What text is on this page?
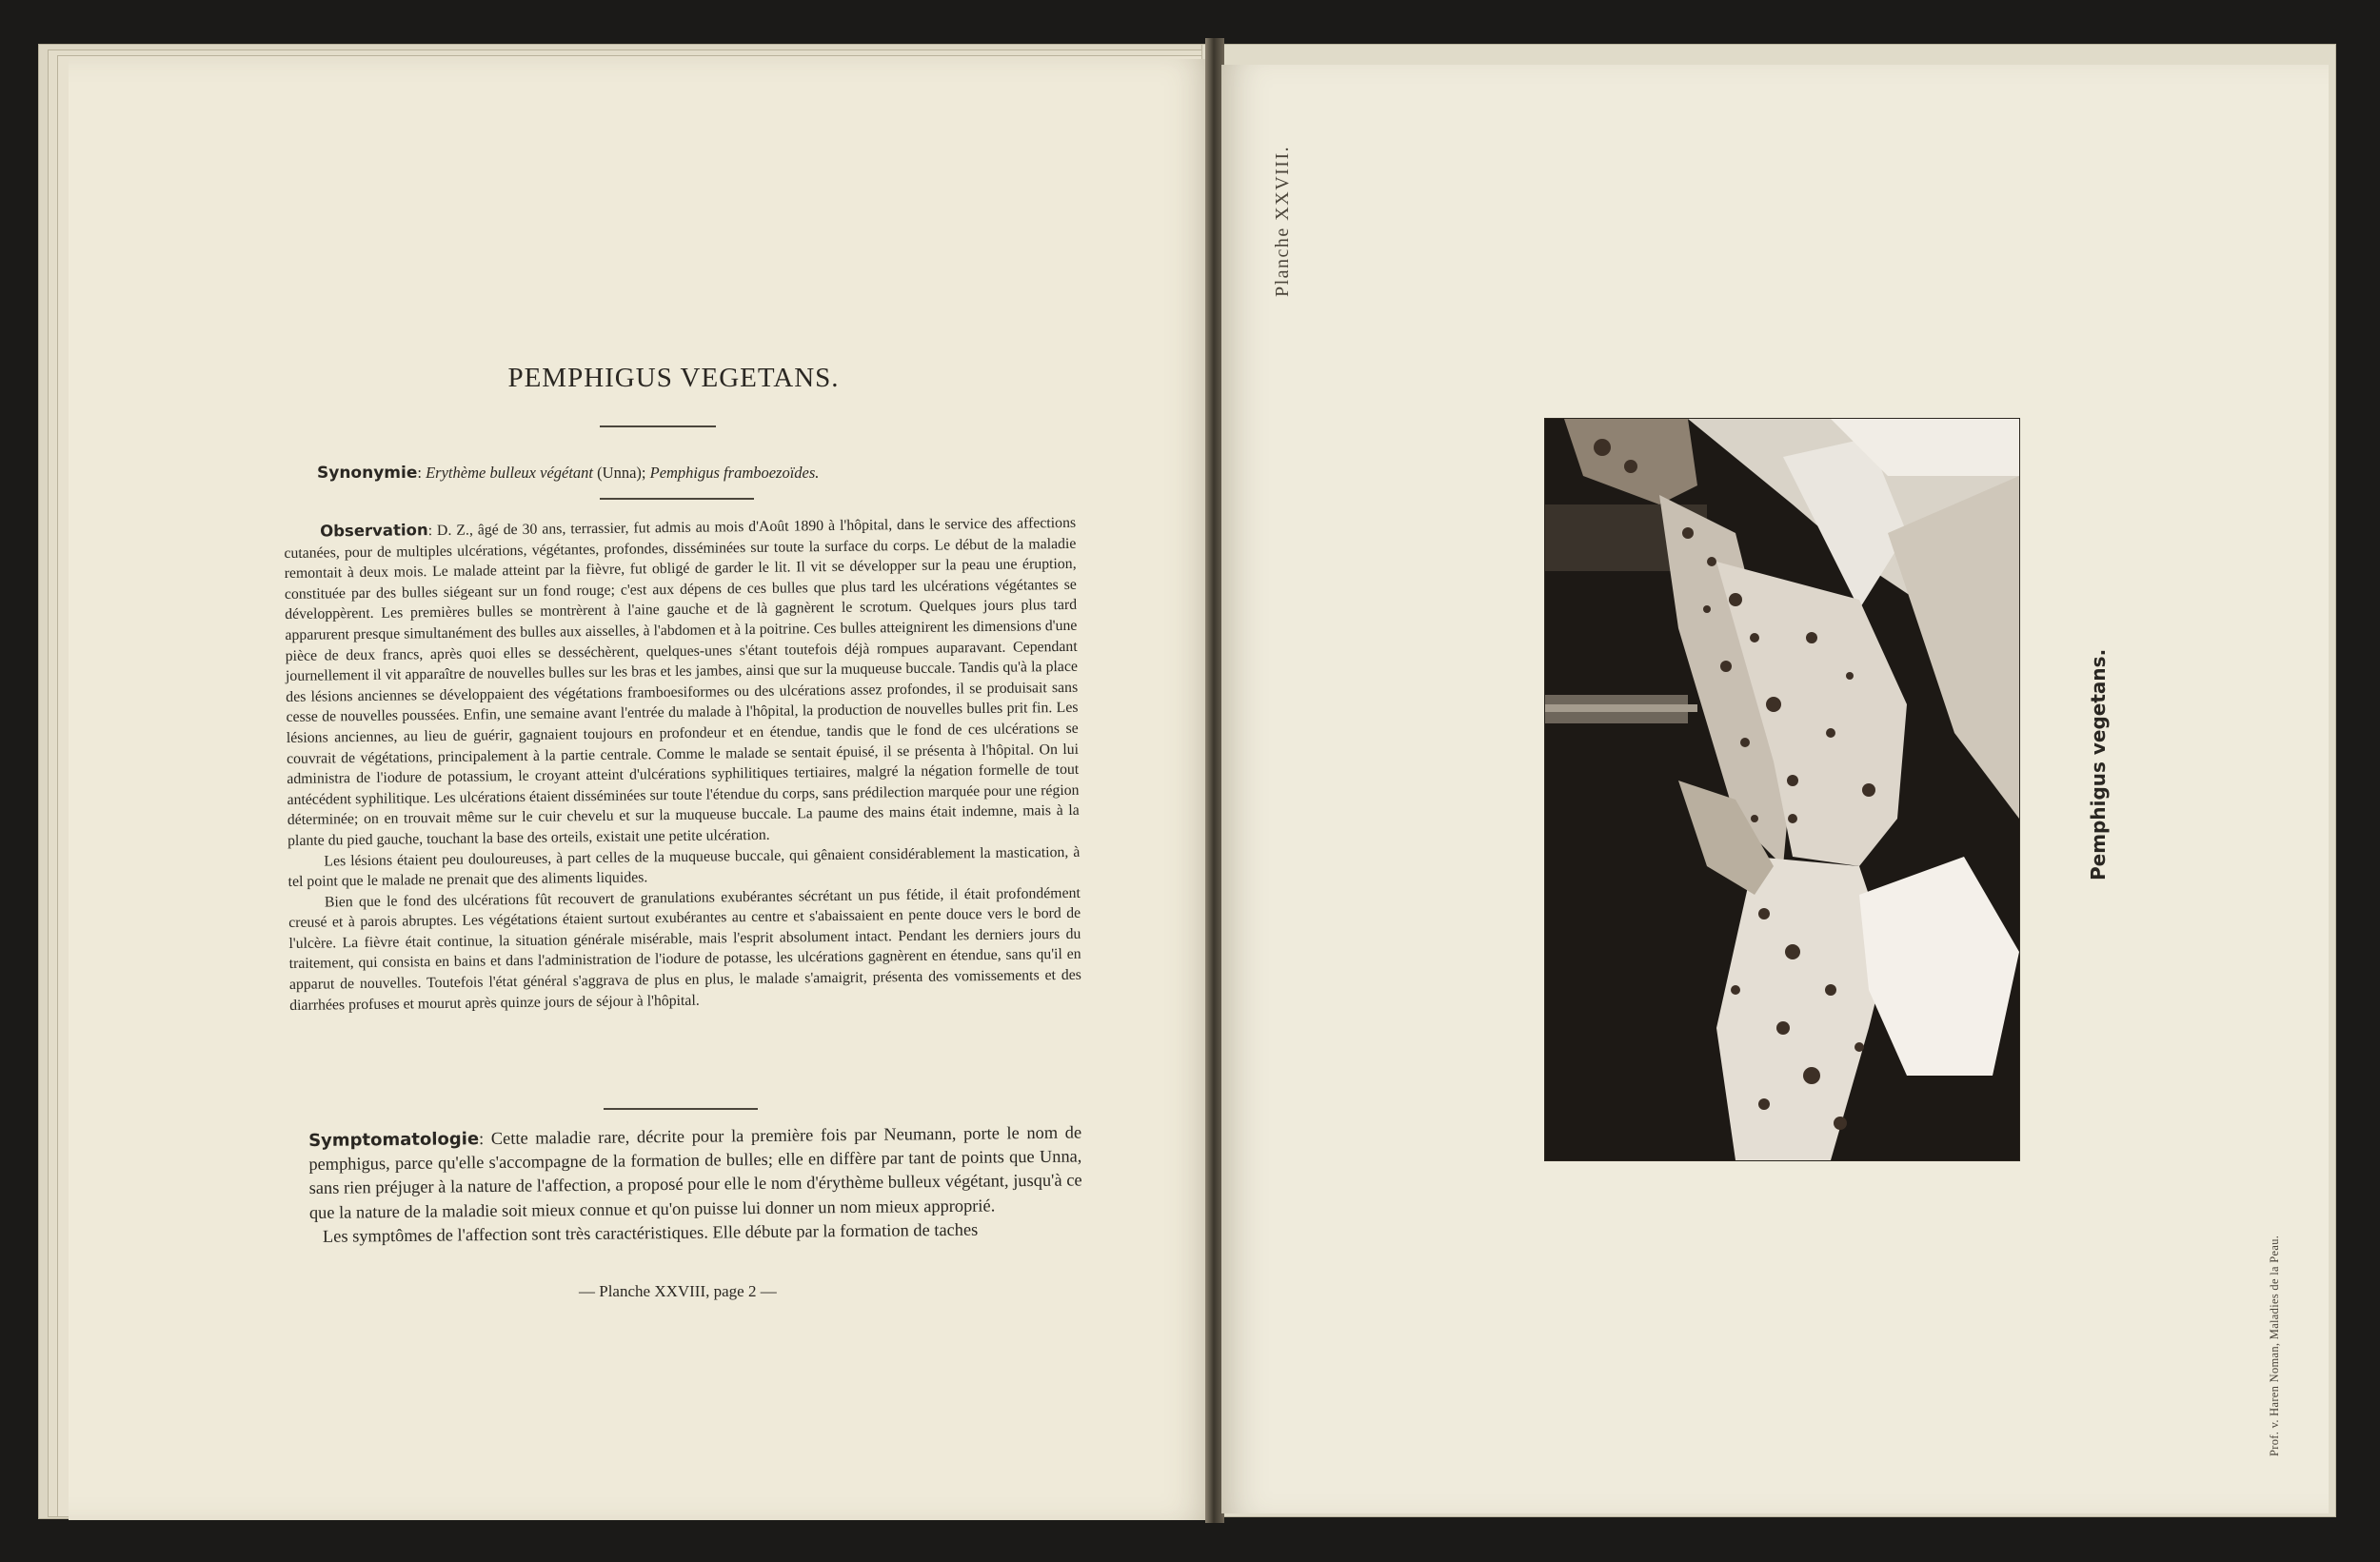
PEMPHIGUS VEGETANS.
Synonymie: Erythème bulleux végétant (Unna); Pemphigus framboezoïdes.

Observation: D. Z., âgé de 30 ans, terrassier, fut admis au mois d'Août 1890 à l'hôpital, dans le service des affections cutanées, pour de multiples ulcérations, végétantes, profondes, disséminées sur toute la surface du corps. Le début de la maladie remontait à deux mois. Le malade atteint par la fièvre, fut obligé de garder le lit. Il vit se développer sur la peau une éruption, constituée par des bulles siégeant sur un fond rouge; c'est aux dépens de ces bulles que plus tard les ulcérations végétantes se développèrent. Les premières bulles se montrèrent à l'aine gauche et de là gagnèrent le scrotum. Quelques jours plus tard apparurent presque simultanément des bulles aux aisselles, à l'abdomen et à la poitrine. Ces bulles atteignirent les dimensions d'une pièce de deux francs, après quoi elles se desséchèrent, quelques-unes s'étant toutefois déjà rompues auparavant. Cependant journellement il vit apparaître de nouvelles bulles sur les bras et les jambes, ainsi que sur la muqueuse buccale. Tandis qu'à la place des lésions anciennes se développaient des végétations framboesiformes ou des ulcérations assez profondes, il se produisait sans cesse de nouvelles poussées. Enfin, une semaine avant l'entrée du malade à l'hôpital, la production de nouvelles bulles prit fin. Les lésions anciennes, au lieu de guérir, gagnaient toujours en profondeur et en étendue, tandis que le fond de ces ulcérations se couvrait de végétations, principalement à la partie centrale. Comme le malade se sentait épuisé, il se présenta à l'hôpital. On lui administra de l'iodure de potassium, le croyant atteint d'ulcérations syphilitiques tertiaires, malgré la négation formelle de tout antécédent syphilitique. Les ulcérations étaient disséminées sur toute l'étendue du corps, sans prédilection marquée pour une région déterminée; on en trouvait même sur le cuir chevelu et sur la muqueuse buccale. La paume des mains était indemne, mais à la plante du pied gauche, touchant la base des orteils, existait une petite ulcération.

Les lésions étaient peu douloureuses, à part celles de la muqueuse buccale, qui gênaient considérablement la mastication, à tel point que le malade ne prenait que des aliments liquides.

Bien que le fond des ulcérations fût recouvert de granulations exubérantes sécrétant un pus fétide, il était profondément creusé et à parois abruptes. Les végétations étaient surtout exubérantes au centre et s'abaissaient en pente douce vers le bord de l'ulcère. La fièvre était continue, la situation générale misérable, mais l'esprit absolument intact. Pendant les derniers jours du traitement, qui consista en bains et dans l'administration de l'iodure de potasse, les ulcérations gagnèrent en étendue, sans qu'il en apparut de nouvelles. Toutefois l'état général s'aggrava de plus en plus, le malade s'amaigrit, présenta des vomissements et des diarrhées profuses et mourut après quinze jours de séjour à l'hôpital.

Symptomatologie: Cette maladie rare, décrite pour la première fois par Neumann, porte le nom de pemphigus, parce qu'elle s'accompagne de la formation de bulles; elle en diffère par tant de points que Unna, sans rien préjuger à la nature de l'affection, a proposé pour elle le nom d'érythème bulleux végétant, jusqu'à ce que la nature de la maladie soit mieux connue et qu'on puisse lui donner un nom mieux approprié.

Les symptômes de l'affection sont très caractéristiques. Elle débute par la formation de taches

— Planche XXVIII, page 2 —
Planche XXVIII.
Pemphigus vegetans.
Prof. v. Haren Noman, Maladies de la Peau.
